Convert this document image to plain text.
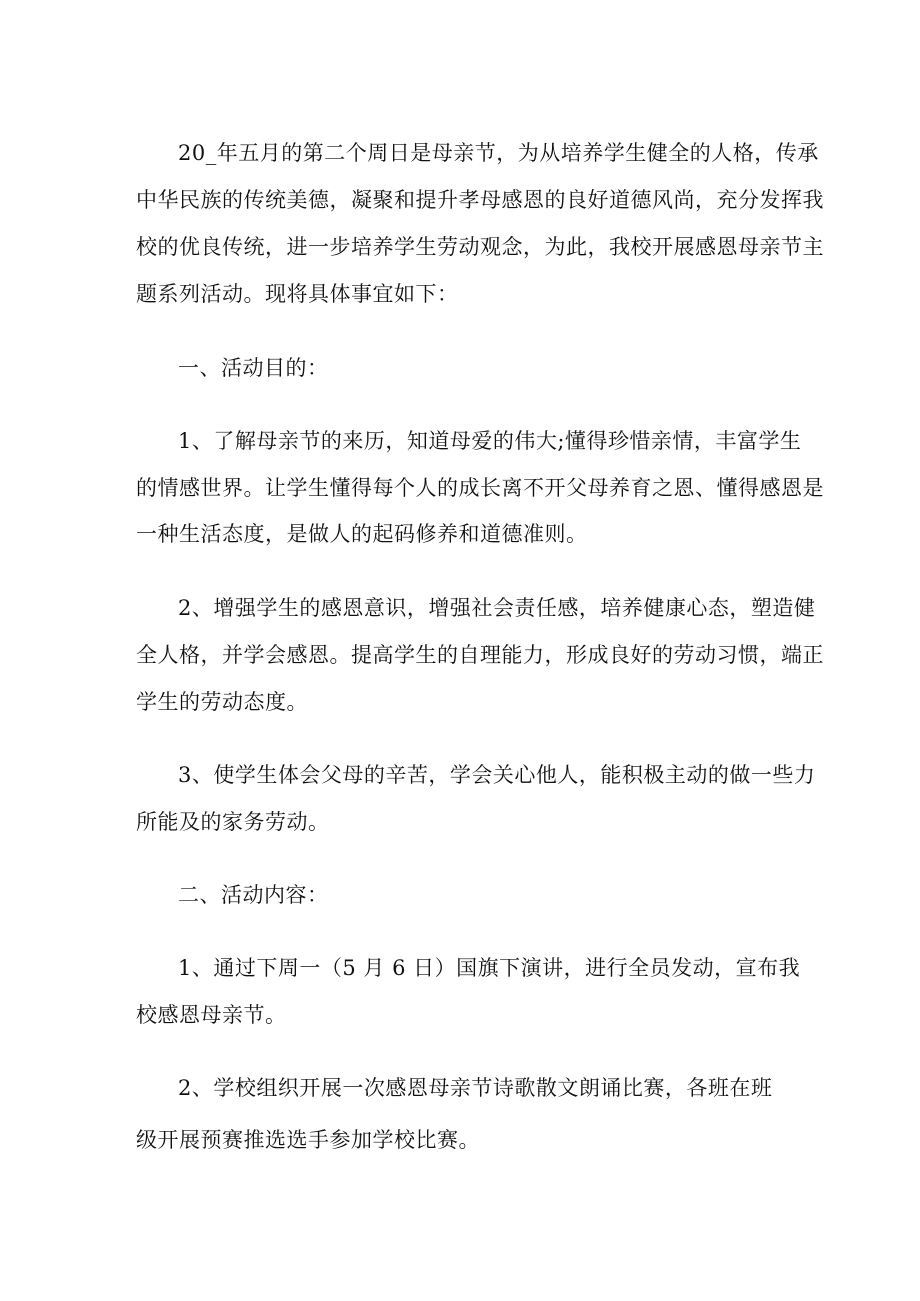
20_年五月的第二个周日是母亲节，为从培养学生健全的人格，传承
中华民族的传统美德，凝聚和提升孝母感恩的良好道德风尚，充分发挥我
校的优良传统，进一步培养学生劳动观念，为此，我校开展感恩母亲节主
题系列活动。现将具体事宜如下：
一、活动目的：
1、了解母亲节的来历，知道母爱的伟大;懂得珍惜亲情，丰富学生
的情感世界。让学生懂得每个人的成长离不开父母养育之恩、懂得感恩是
一种生活态度，是做人的起码修养和道德准则。
2、增强学生的感恩意识，增强社会责任感，培养健康心态，塑造健
全人格，并学会感恩。提高学生的自理能力，形成良好的劳动习惯，端正
学生的劳动态度。
3、使学生体会父母的辛苦，学会关心他人，能积极主动的做一些力
所能及的家务劳动。
二、活动内容：
1、通过下周一（5 月 6 日）国旗下演讲，进行全员发动，宣布我
校感恩母亲节。
2、学校组织开展一次感恩母亲节诗歌散文朗诵比赛，各班在班
级开展预赛推选选手参加学校比赛。
